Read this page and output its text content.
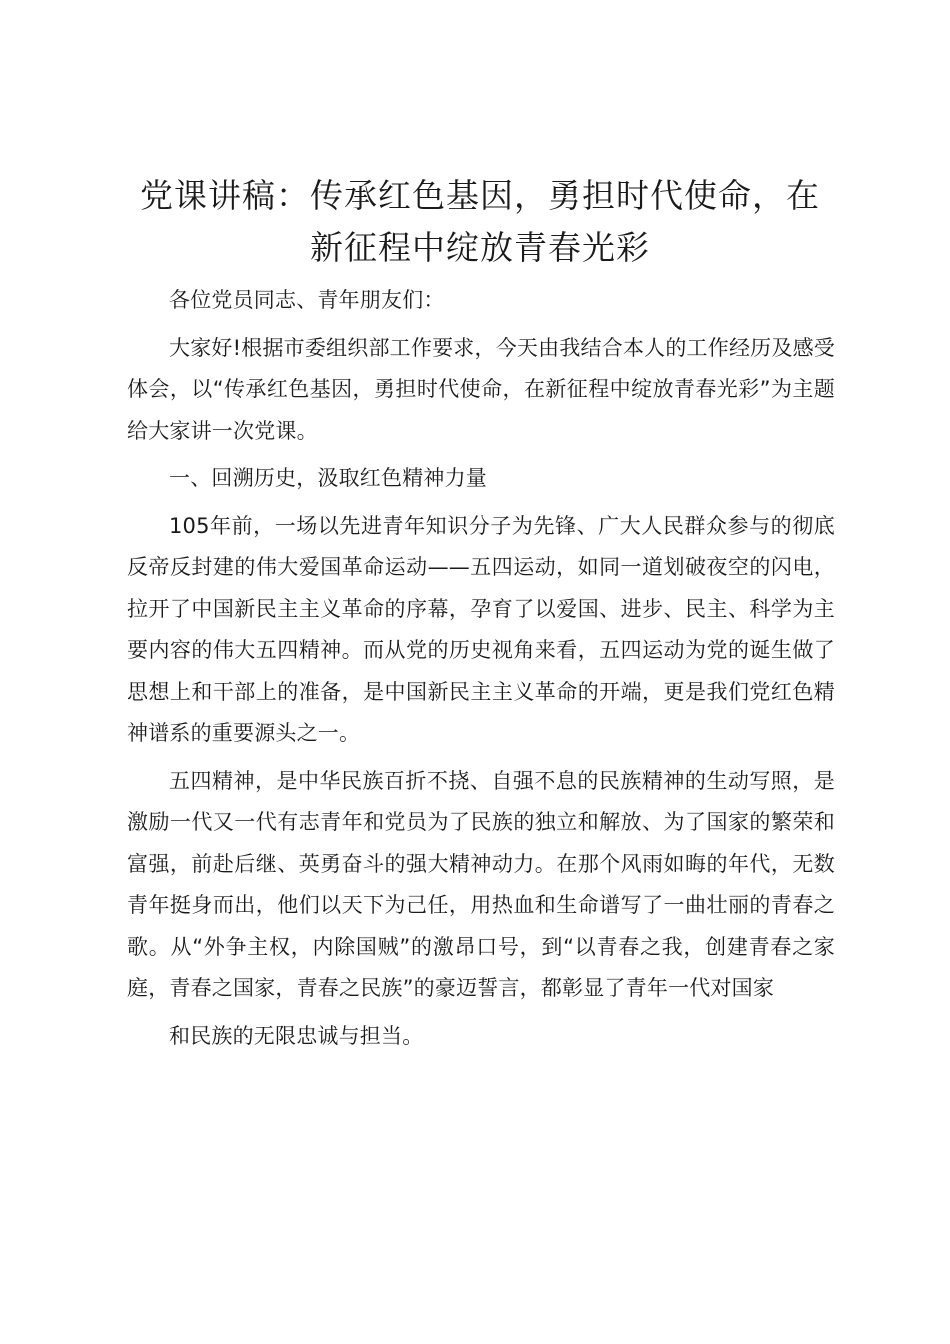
党课讲稿：传承红色基因，勇担时代使命，在
新征程中绽放青春光彩

各位党员同志、青年朋友们：

大家好!根据市委组织部工作要求，今天由我结合本人的工作经历及感受体会，以“传承红色基因，勇担时代使命，在新征程中绽放青春光彩”为主题给大家讲一次党课。

一、回溯历史，汲取红色精神力量

105年前，一场以先进青年知识分子为先锋、广大人民群众参与的彻底反帝反封建的伟大爱国革命运动——五四运动，如同一道划破夜空的闪电，拉开了中国新民主主义革命的序幕，孕育了以爱国、进步、民主、科学为主要内容的伟大五四精神。而从党的历史视角来看，五四运动为党的诞生做了思想上和干部上的准备，是中国新民主主义革命的开端，更是我们党红色精神谱系的重要源头之一。

五四精神，是中华民族百折不挠、自强不息的民族精神的生动写照，是激励一代又一代有志青年和党员为了民族的独立和解放、为了国家的繁荣和富强，前赴后继、英勇奋斗的强大精神动力。在那个风雨如晦的年代，无数青年挺身而出，他们以天下为己任，用热血和生命谱写了一曲壮丽的青春之歌。从“外争主权，内除国贼”的激昂口号，到“以青春之我，创建青春之家庭，青春之国家，青春之民族”的豪迈誓言，都彰显了青年一代对国家

和民族的无限忠诚与担当。
